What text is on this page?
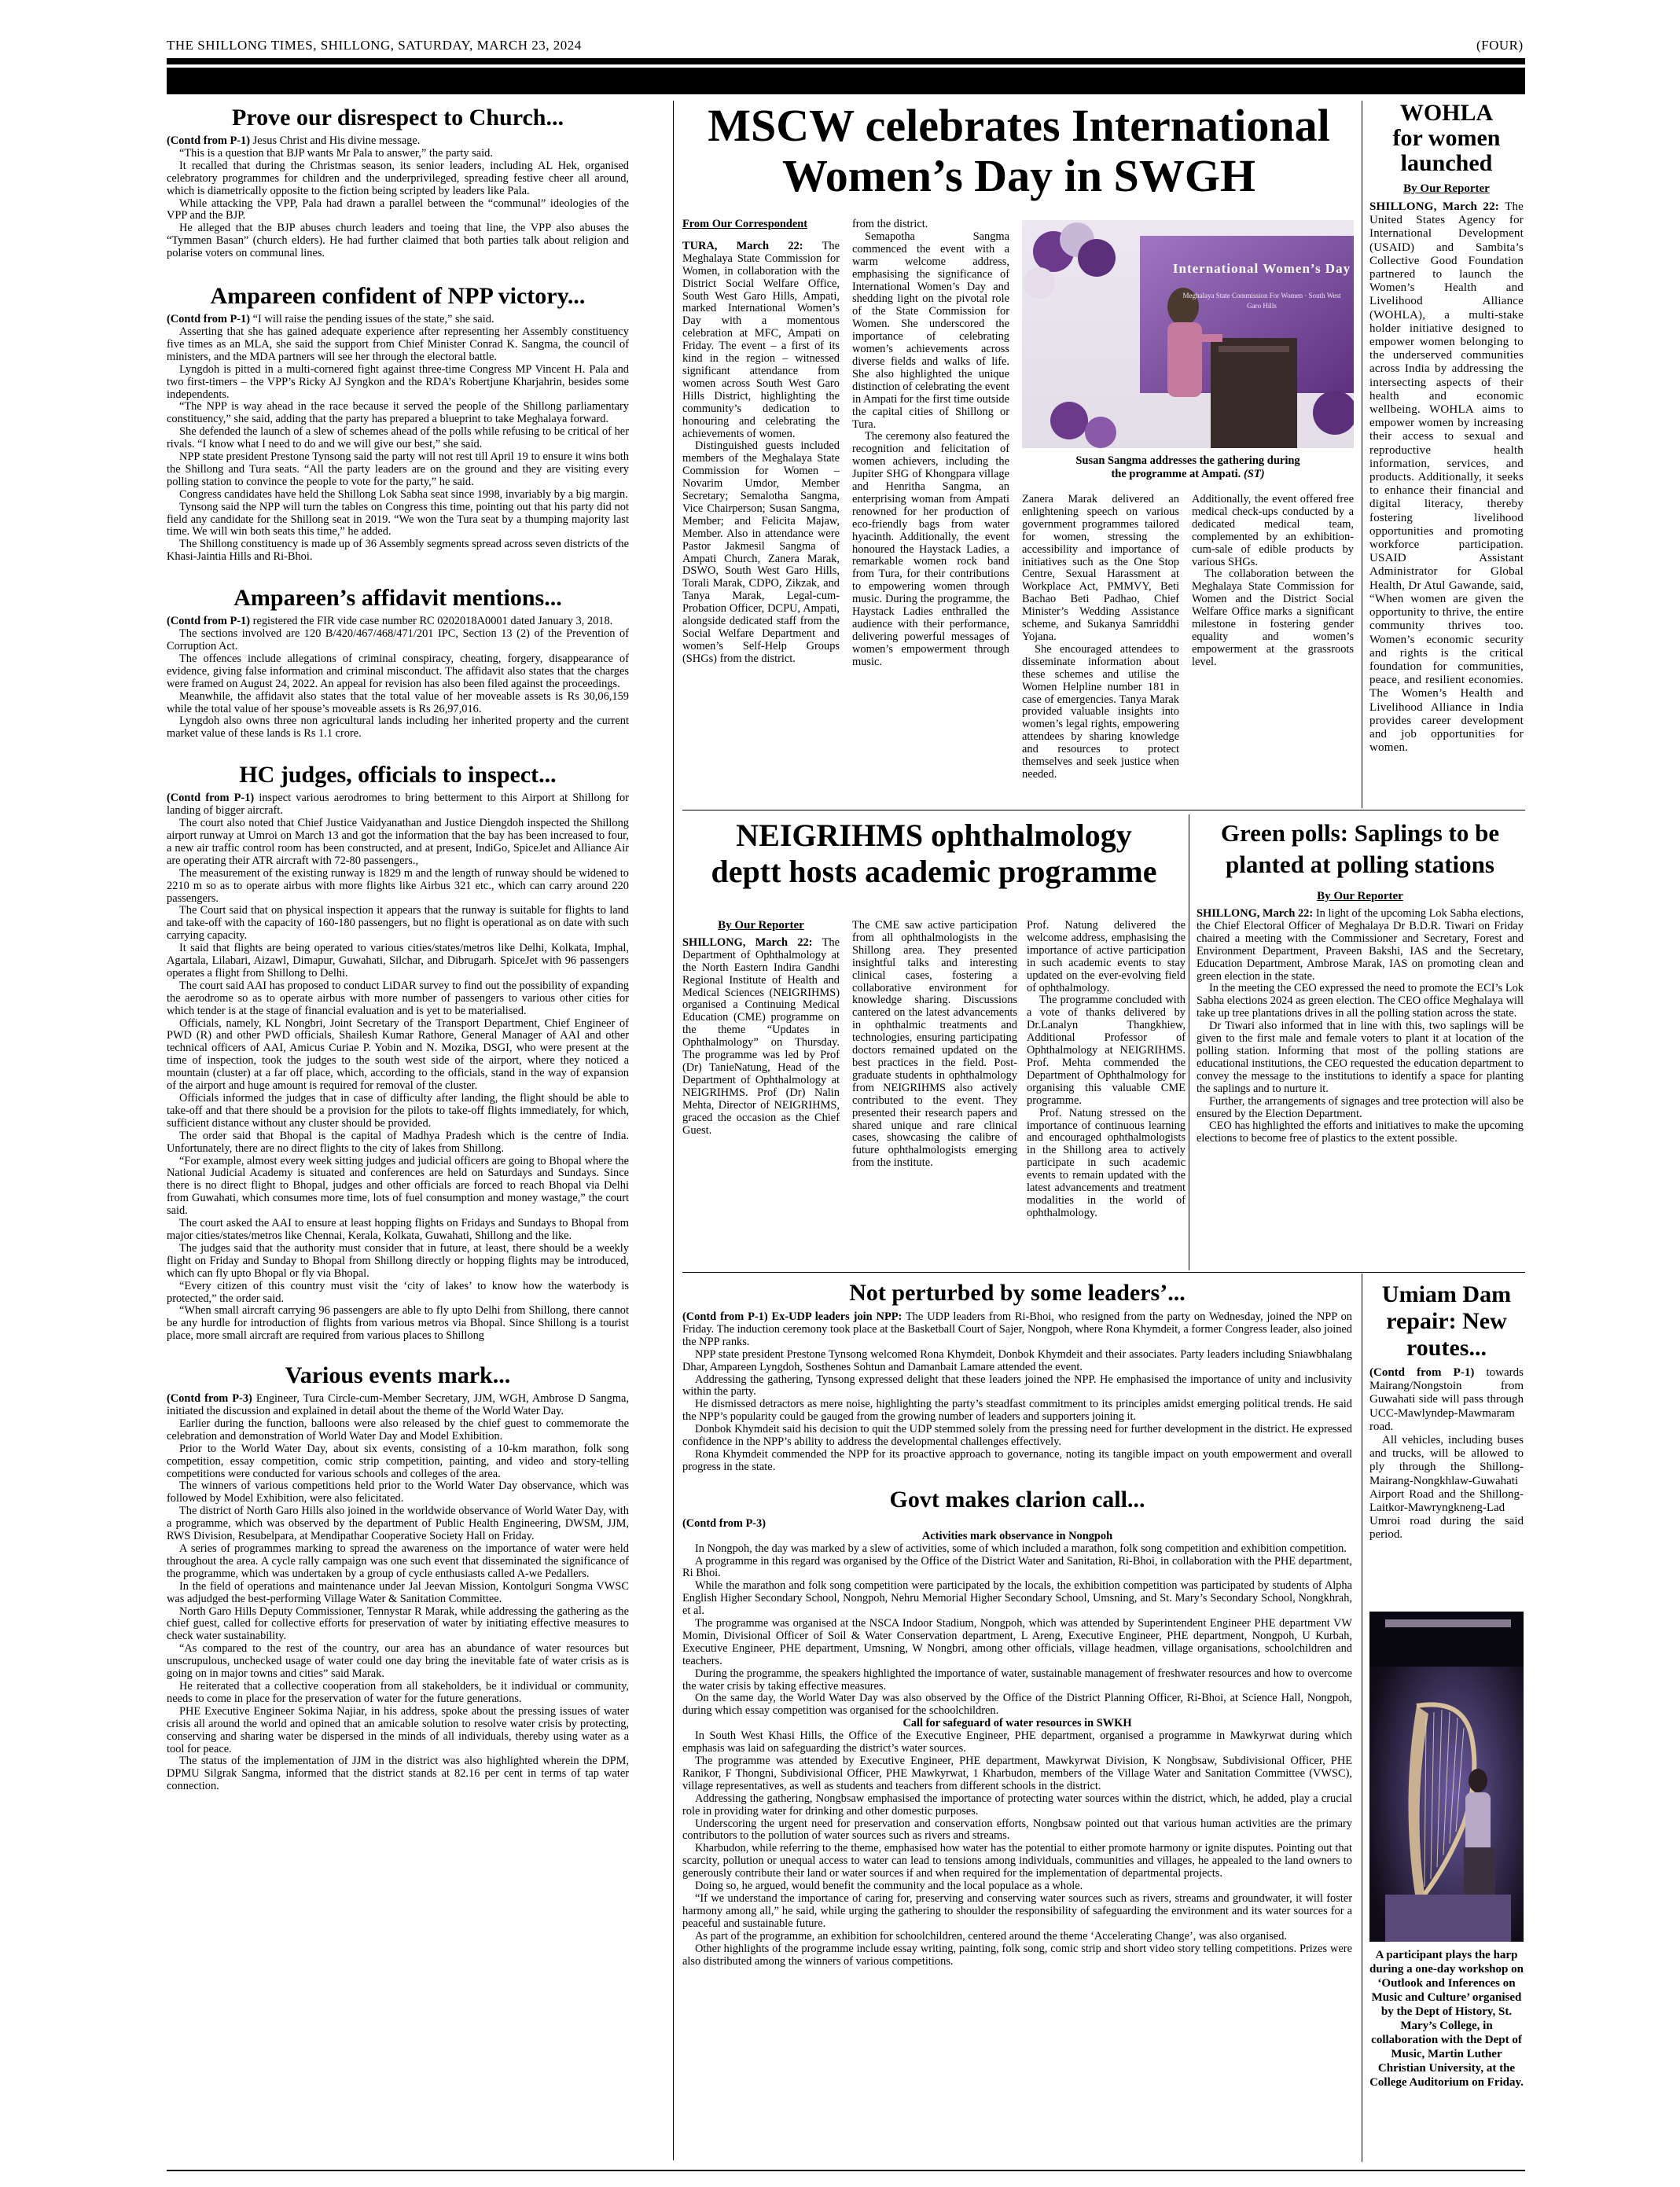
THE SHILLONG TIMES, SHILLONG, SATURDAY, MARCH 23, 2024	(FOUR)
Prove our disrespect to Church...

(Contd from P-1) Jesus Christ and His divine message.

“This is a question that BJP wants Mr Pala to answer,” the party said.

It recalled that during the Christmas season, its senior leaders, including AL Hek, organised celebratory programmes for children and the underprivileged, spreading festive cheer all around, which is diametrically opposite to the fiction being scripted by leaders like Pala.

While attacking the VPP, Pala had drawn a parallel between the “communal” ideologies of the VPP and the BJP.

He alleged that the BJP abuses church leaders and toeing that line, the VPP also abuses the “Tymmen Basan” (church elders). He had further claimed that both parties talk about religion and polarise voters on communal lines.

Ampareen confident of NPP victory...

(Contd from P-1) “I will raise the pending issues of the state,” she said.

Asserting that she has gained adequate experience after representing her Assembly constituency five times as an MLA, she said the support from Chief Minister Conrad K. Sangma, the council of ministers, and the MDA partners will see her through the electoral battle.

Lyngdoh is pitted in a multi-cornered fight against three-time Congress MP Vincent H. Pala and two first-timers – the VPP’s Ricky AJ Syngkon and the RDA’s Robertjune Kharjahrin, besides some independents.

“The NPP is way ahead in the race because it served the people of the Shillong parliamentary constituency,” she said, adding that the party has prepared a blueprint to take Meghalaya forward.

She defended the launch of a slew of schemes ahead of the polls while refusing to be critical of her rivals. “I know what I need to do and we will give our best,” she said.

NPP state president Prestone Tynsong said the party will not rest till April 19 to ensure it wins both the Shillong and Tura seats. “All the party leaders are on the ground and they are visiting every polling station to convince the people to vote for the party,” he said.

Congress candidates have held the Shillong Lok Sabha seat since 1998, invariably by a big margin.

Tynsong said the NPP will turn the tables on Congress this time, pointing out that his party did not field any candidate for the Shillong seat in 2019. “We won the Tura seat by a thumping majority last time. We will win both seats this time,” he added.

The Shillong constituency is made up of 36 Assembly segments spread across seven districts of the Khasi-Jaintia Hills and Ri-Bhoi.

Ampareen’s affidavit mentions...

(Contd from P-1) registered the FIR vide case number RC 0202018A0001 dated January 3, 2018.

The sections involved are 120 B/420/467/468/471/201 IPC, Section 13 (2) of the Prevention of Corruption Act.

The offences include allegations of criminal conspiracy, cheating, forgery, disappearance of evidence, giving false information and criminal misconduct. The affidavit also states that the charges were framed on August 24, 2022. An appeal for revision has also been filed against the proceedings.

Meanwhile, the affidavit also states that the total value of her moveable assets is Rs 30,06,159 while the total value of her spouse’s moveable assets is Rs 26,97,016.

Lyngdoh also owns three non agricultural lands including her inherited property and the current market value of these lands is Rs 1.1 crore.

HC judges, officials to inspect...

(Contd from P-1) inspect various aerodromes to bring betterment to this Airport at Shillong for landing of bigger aircraft.

The court also noted that Chief Justice Vaidyanathan and Justice Diengdoh inspected the Shillong airport runway at Umroi on March 13 and got the information that the bay has been increased to four, a new air traffic control room has been constructed, and at present, IndiGo, SpiceJet and Alliance Air are operating their ATR aircraft with 72-80 passengers.,

The measurement of the existing runway is 1829 m and the length of runway should be widened to 2210 m so as to operate airbus with more flights like Airbus 321 etc., which can carry around 220 passengers.

The Court said that on physical inspection it appears that the runway is suitable for flights to land and take-off with the capacity of 160-180 passengers, but no flight is operational as on date with such carrying capacity.

It said that flights are being operated to various cities/states/metros like Delhi, Kolkata, Imphal, Agartala, Lilabari, Aizawl, Dimapur, Guwahati, Silchar, and Dibrugarh. SpiceJet with 96 passengers operates a flight from Shillong to Delhi.

The court said AAI has proposed to conduct LiDAR survey to find out the possibility of expanding the aerodrome so as to operate airbus with more number of passengers to various other cities for which tender is at the stage of financial evaluation and is yet to be materialised.

Officials, namely, KL Nongbri, Joint Secretary of the Transport Department, Chief Engineer of PWD (R) and other PWD officials, Shailesh Kumar Rathore, General Manager of AAI and other technical officers of AAI, Amicus Curiae P. Yobin and N. Mozika, DSGI, who were present at the time of inspection, took the judges to the south west side of the airport, where they noticed a mountain (cluster) at a far off place, which, according to the officials, stand in the way of expansion of the airport and huge amount is required for removal of the cluster.

Officials informed the judges that in case of difficulty after landing, the flight should be able to take-off and that there should be a provision for the pilots to take-off flights immediately, for which, sufficient distance without any cluster should be provided.

The order said that Bhopal is the capital of Madhya Pradesh which is the centre of India. Unfortunately, there are no direct flights to the city of lakes from Shillong.

“For example, almost every week sitting judges and judicial officers are going to Bhopal where the National Judicial Academy is situated and conferences are held on Saturdays and Sundays. Since there is no direct flight to Bhopal, judges and other officials are forced to reach Bhopal via Delhi from Guwahati, which consumes more time, lots of fuel consumption and money wastage,” the court said.

The court asked the AAI to ensure at least hopping flights on Fridays and Sundays to Bhopal from major cities/states/metros like Chennai, Kerala, Kolkata, Guwahati, Shillong and the like.

The judges said that the authority must consider that in future, at least, there should be a weekly flight on Friday and Sunday to Bhopal from Shillong directly or hopping flights may be introduced, which can fly upto Bhopal or fly via Bhopal.

“Every citizen of this country must visit the ‘city of lakes’ to know how the waterbody is protected,” the order said.

“When small aircraft carrying 96 passengers are able to fly upto Delhi from Shillong, there cannot be any hurdle for introduction of flights from various metros via Bhopal. Since Shillong is a tourist place, more small aircraft are required from various places to Shillong

Various events mark...

(Contd from P-3) Engineer, Tura Circle-cum-Member Secretary, JJM, WGH, Ambrose D Sangma, initiated the discussion and explained in detail about the theme of the World Water Day.

Earlier during the function, balloons were also released by the chief guest to commemorate the celebration and demonstration of World Water Day and Model Exhibition.

Prior to the World Water Day, about six events, consisting of a 10-km marathon, folk song competition, essay competition, comic strip competition, painting, and video and story-telling competitions were conducted for various schools and colleges of the area.

The winners of various competitions held prior to the World Water Day observance, which was followed by Model Exhibition, were also felicitated.

The district of North Garo Hills also joined in the worldwide observance of World Water Day, with a programme, which was observed by the department of Public Health Engineering, DWSM, JJM, RWS Division, Resubelpara, at Mendipathar Cooperative Society Hall on Friday.

A series of programmes marking to spread the awareness on the importance of water were held throughout the area. A cycle rally campaign was one such event that disseminated the significance of the programme, which was undertaken by a group of cycle enthusiasts called A-we Pedallers.

In the field of operations and maintenance under Jal Jeevan Mission, Kontolguri Songma VWSC was adjudged the best-performing Village Water & Sanitation Committee.

North Garo Hills Deputy Commissioner, Tennystar R Marak, while addressing the gathering as the chief guest, called for collective efforts for preservation of water by initiating effective measures to check water sustainability.

“As compared to the rest of the country, our area has an abundance of water resources but unscrupulous, unchecked usage of water could one day bring the inevitable fate of water crisis as is going on in major towns and cities” said Marak.

He reiterated that a collective cooperation from all stakeholders, be it individual or community, needs to come in place for the preservation of water for the future generations.

PHE Executive Engineer Sokima Najiar, in his address, spoke about the pressing issues of water crisis all around the world and opined that an amicable solution to resolve water crisis by protecting, conserving and sharing water be dispersed in the minds of all individuals, thereby using water as a tool for peace.

The status of the implementation of JJM in the district was also highlighted wherein the DPM, DPMU Silgrak Sangma, informed that the district stands at 82.16 per cent in terms of tap water connection.

MSCW celebrates International
Women’s Day in SWGH
From Our Correspondent

TURA, March 22: The Meghalaya State Commission for Women, in collaboration with the District Social Welfare Office, South West Garo Hills, Ampati, marked International Women’s Day with a momentous celebration at MFC, Ampati on Friday. The event – a first of its kind in the region – witnessed significant attendance from women across South West Garo Hills District, highlighting the community’s dedication to honouring and celebrating the achievements of women.

Distinguished guests included members of the Meghalaya State Commission for Women – Novarim Umdor, Member Secretary; Semalotha Sangma, Vice Chairperson; Susan Sangma, Member; and Felicita Majaw, Member. Also in attendance were Pastor Jakmesil Sangma of Ampati Church, Zanera Marak, DSWO, South West Garo Hills, Torali Marak, CDPO, Zikzak, and Tanya Marak, Legal-cum-Probation Officer, DCPU, Ampati, alongside dedicated staff from the Social Welfare Department and women’s Self-Help Groups (SHGs) from the district.

from the district.

Semapotha Sangma commenced the event with a warm welcome address, emphasising the significance of International Women’s Day and shedding light on the pivotal role of the State Commission for Women. She underscored the importance of celebrating women’s achievements across diverse fields and walks of life. She also highlighted the unique distinction of celebrating the event in Ampati for the first time outside the capital cities of Shillong or Tura.

The ceremony also featured the recognition and felicitation of women achievers, including the Jupiter SHG of Khongpara village and Henritha Sangma, an enterprising woman from Ampati renowned for her production of eco-friendly bags from water hyacinth. Additionally, the event honoured the Haystack Ladies, a remarkable women rock band from Tura, for their contributions to empowering women through music. During the programme, the Haystack Ladies enthralled the audience with their performance, delivering powerful messages of women’s empowerment through music.

International Women’s Day
Meghalaya State Commission For Women · South West Garo Hills
Susan Sangma addresses the gathering during
the programme at Ampati. (ST)

Zanera Marak delivered an enlightening speech on various government programmes tailored for women, stressing the accessibility and importance of initiatives such as the One Stop Centre, Sexual Harassment at Workplace Act, PMMVY, Beti Bachao Beti Padhao, Chief Minister’s Wedding Assistance scheme, and Sukanya Samriddhi Yojana.

She encouraged attendees to disseminate information about these schemes and utilise the Women Helpline number 181 in case of emergencies. Tanya Marak provided valuable insights into women’s legal rights, empowering attendees by sharing knowledge and resources to protect themselves and seek justice when needed.

Additionally, the event offered free medical check-ups conducted by a dedicated medical team, complemented by an exhibition-cum-sale of edible products by various SHGs.

The collaboration between the Meghalaya State Commission for Women and the District Social Welfare Office marks a significant milestone in fostering gender equality and women’s empowerment at the grassroots level.

WOHLA
for women
launched
By Our Reporter

SHILLONG, March 22: The United States Agency for International Development (USAID) and Sambita’s Collective Good Foundation partnered to launch the Women’s Health and Livelihood Alliance (WOHLA), a multi-stake holder initiative designed to empower women belonging to the underserved communities across India by addressing the intersecting aspects of their health and economic wellbeing. WOHLA aims to empower women by increasing their access to sexual and reproductive health information, services, and products. Additionally, it seeks to enhance their financial and digital literacy, thereby fostering livelihood opportunities and promoting workforce participation. USAID Assistant Administrator for Global Health, Dr Atul Gawande, said, “When women are given the opportunity to thrive, the entire community thrives too. Women’s economic security and rights is the critical foundation for communities, peace, and resilient economies. The Women’s Health and Livelihood Alliance in India provides career development and job opportunities for women.

NEIGRIHMS ophthalmology
deptt hosts academic programme
By Our Reporter

SHILLONG, March 22: The Department of Ophthalmology at the North Eastern Indira Gandhi Regional Institute of Health and Medical Sciences (NEIGRIHMS) organised a Continuing Medical Education (CME) programme on the theme “Updates in Ophthalmology” on Thursday. The programme was led by Prof (Dr) TanieNatung, Head of the Department of Ophthalmology at NEIGRIHMS. Prof (Dr) Nalin Mehta, Director of NEIGRIHMS, graced the occasion as the Chief Guest.

The CME saw active participation from all ophthalmologists in the Shillong area. They presented insightful talks and interesting clinical cases, fostering a collaborative environment for knowledge sharing. Discussions cantered on the latest advancements in ophthalmic treatments and technologies, ensuring participating doctors remained updated on the best practices in the field. Post-graduate students in ophthalmology from NEIGRIHMS also actively contributed to the event. They presented their research papers and shared unique and rare clinical cases, showcasing the calibre of future ophthalmologists emerging from the institute.

Prof. Natung delivered the welcome address, emphasising the importance of active participation in such academic events to stay updated on the ever-evolving field of ophthalmology.

The programme concluded with a vote of thanks delivered by Dr.Lanalyn Thangkhiew, Additional Professor of Ophthalmology at NEIGRIHMS. Prof. Mehta commended the Department of Ophthalmology for organising this valuable CME programme.

Prof. Natung stressed on the importance of continuous learning and encouraged ophthalmologists in the Shillong area to actively participate in such academic events to remain updated with the latest advancements and treatment modalities in the world of ophthalmology.

Green polls: Saplings to be
planted at polling stations
By Our Reporter

SHILLONG, March 22: In light of the upcoming Lok Sabha elections, the Chief Electoral Officer of Meghalaya Dr B.D.R. Tiwari on Friday chaired a meeting with the Commissioner and Secretary, Forest and Environment Department, Praveen Bakshi, IAS and the Secretary, Education Department, Ambrose Marak, IAS on promoting clean and green election in the state.

In the meeting the CEO expressed the need to promote the ECI’s Lok Sabha elections 2024 as green election. The CEO office Meghalaya will take up tree plantations drives in all the polling station across the state.

Dr Tiwari also informed that in line with this, two saplings will be given to the first male and female voters to plant it at location of the polling station. Informing that most of the polling stations are educational institutions, the CEO requested the education department to convey the message to the institutions to identify a space for planting the saplings and to nurture it.

Further, the arrangements of signages and tree protection will also be ensured by the Election Department.

CEO has highlighted the efforts and initiatives to make the upcoming elections to become free of plastics to the extent possible.

Not perturbed by some leaders’...

(Contd from P-1) Ex-UDP leaders join NPP: The UDP leaders from Ri-Bhoi, who resigned from the party on Wednesday, joined the NPP on Friday. The induction ceremony took place at the Basketball Court of Sajer, Nongpoh, where Rona Khymdeit, a former Congress leader, also joined the NPP ranks.

NPP state president Prestone Tynsong welcomed Rona Khymdeit, Donbok Khymdeit and their associates. Party leaders including Sniawbhalang Dhar, Ampareen Lyngdoh, Sosthenes Sohtun and Damanbait Lamare attended the event.

Addressing the gathering, Tynsong expressed delight that these leaders joined the NPP. He emphasised the importance of unity and inclusivity within the party.

He dismissed detractors as mere noise, highlighting the party’s steadfast commitment to its principles amidst emerging political trends. He said the NPP’s popularity could be gauged from the growing number of leaders and supporters joining it.

Donbok Khymdeit said his decision to quit the UDP stemmed solely from the pressing need for further development in the district. He expressed confidence in the NPP’s ability to address the developmental challenges effectively.

Rona Khymdeit commended the NPP for its proactive approach to governance, noting its tangible impact on youth empowerment and overall progress in the state.

Govt makes clarion call...

(Contd from P-3)

Activities mark observance in Nongpoh

In Nongpoh, the day was marked by a slew of activities, some of which included a marathon, folk song competition and exhibition competition.

A programme in this regard was organised by the Office of the District Water and Sanitation, Ri-Bhoi, in collaboration with the PHE department, Ri Bhoi.

While the marathon and folk song competition were participated by the locals, the exhibition competition was participated by students of Alpha English Higher Secondary School, Nongpoh, Nehru Memorial Higher Secondary School, Umsning, and St. Mary’s Secondary School, Nongkhrah, et al.

The programme was organised at the NSCA Indoor Stadium, Nongpoh, which was attended by Superintendent Engineer PHE department VW Momin, Divisional Officer of Soil & Water Conservation department, L Areng, Executive Engineer, PHE department, Nongpoh, U Kurbah, Executive Engineer, PHE department, Umsning, W Nongbri, among other officials, village headmen, village organisations, schoolchildren and teachers.

During the programme, the speakers highlighted the importance of water, sustainable management of freshwater resources and how to overcome the water crisis by taking effective measures.

On the same day, the World Water Day was also observed by the Office of the District Planning Officer, Ri-Bhoi, at Science Hall, Nongpoh, during which essay competition was organised for the schoolchildren.

Call for safeguard of water resources in SWKH

In South West Khasi Hills, the Office of the Executive Engineer, PHE department, organised a programme in Mawkyrwat during which emphasis was laid on safeguarding the district’s water sources.

The programme was attended by Executive Engineer, PHE department, Mawkyrwat Division, K Nongbsaw, Subdivisional Officer, PHE Ranikor, F Thongni, Subdivisional Officer, PHE Mawkyrwat, 1 Kharbudon, members of the Village Water and Sanitation Committee (VWSC), village representatives, as well as students and teachers from different schools in the district.

Addressing the gathering, Nongbsaw emphasised the importance of protecting water sources within the district, which, he added, play a crucial role in providing water for drinking and other domestic purposes.

Underscoring the urgent need for preservation and conservation efforts, Nongbsaw pointed out that various human activities are the primary contributors to the pollution of water sources such as rivers and streams.

Kharbudon, while referring to the theme, emphasised how water has the potential to either promote harmony or ignite disputes. Pointing out that scarcity, pollution or unequal access to water can lead to tensions among individuals, communities and villages, he appealed to the land owners to generously contribute their land or water sources if and when required for the implementation of departmental projects.

Doing so, he argued, would benefit the community and the local populace as a whole.

“If we understand the importance of caring for, preserving and conserving water sources such as rivers, streams and groundwater, it will foster harmony among all,” he said, while urging the gathering to shoulder the responsibility of safeguarding the environment and its water sources for a peaceful and sustainable future.

As part of the programme, an exhibition for schoolchildren, centered around the theme ‘Accelerating Change’, was also organised.

Other highlights of the programme include essay writing, painting, folk song, comic strip and short video story telling competitions. Prizes were also distributed among the winners of various competitions.

Umiam Dam
repair: New
routes...

(Contd from P-1) towards Mairang/Nongstoin from Guwahati side will pass through UCC-Mawlyndep-Mawmaram road.

All vehicles, including buses and trucks, will be allowed to ply through the Shillong-Mairang-Nongkhlaw-Guwahati Airport Road and the Shillong-Laitkor-Mawryngkneng-Lad Umroi road during the said period.

A participant plays the harp during a one-day workshop on ‘Outlook and Inferences on Music and Culture’ organised by the Dept of History, St. Mary’s College, in collaboration with the Dept of Music, Martin Luther Christian University, at the College Auditorium on Friday.
